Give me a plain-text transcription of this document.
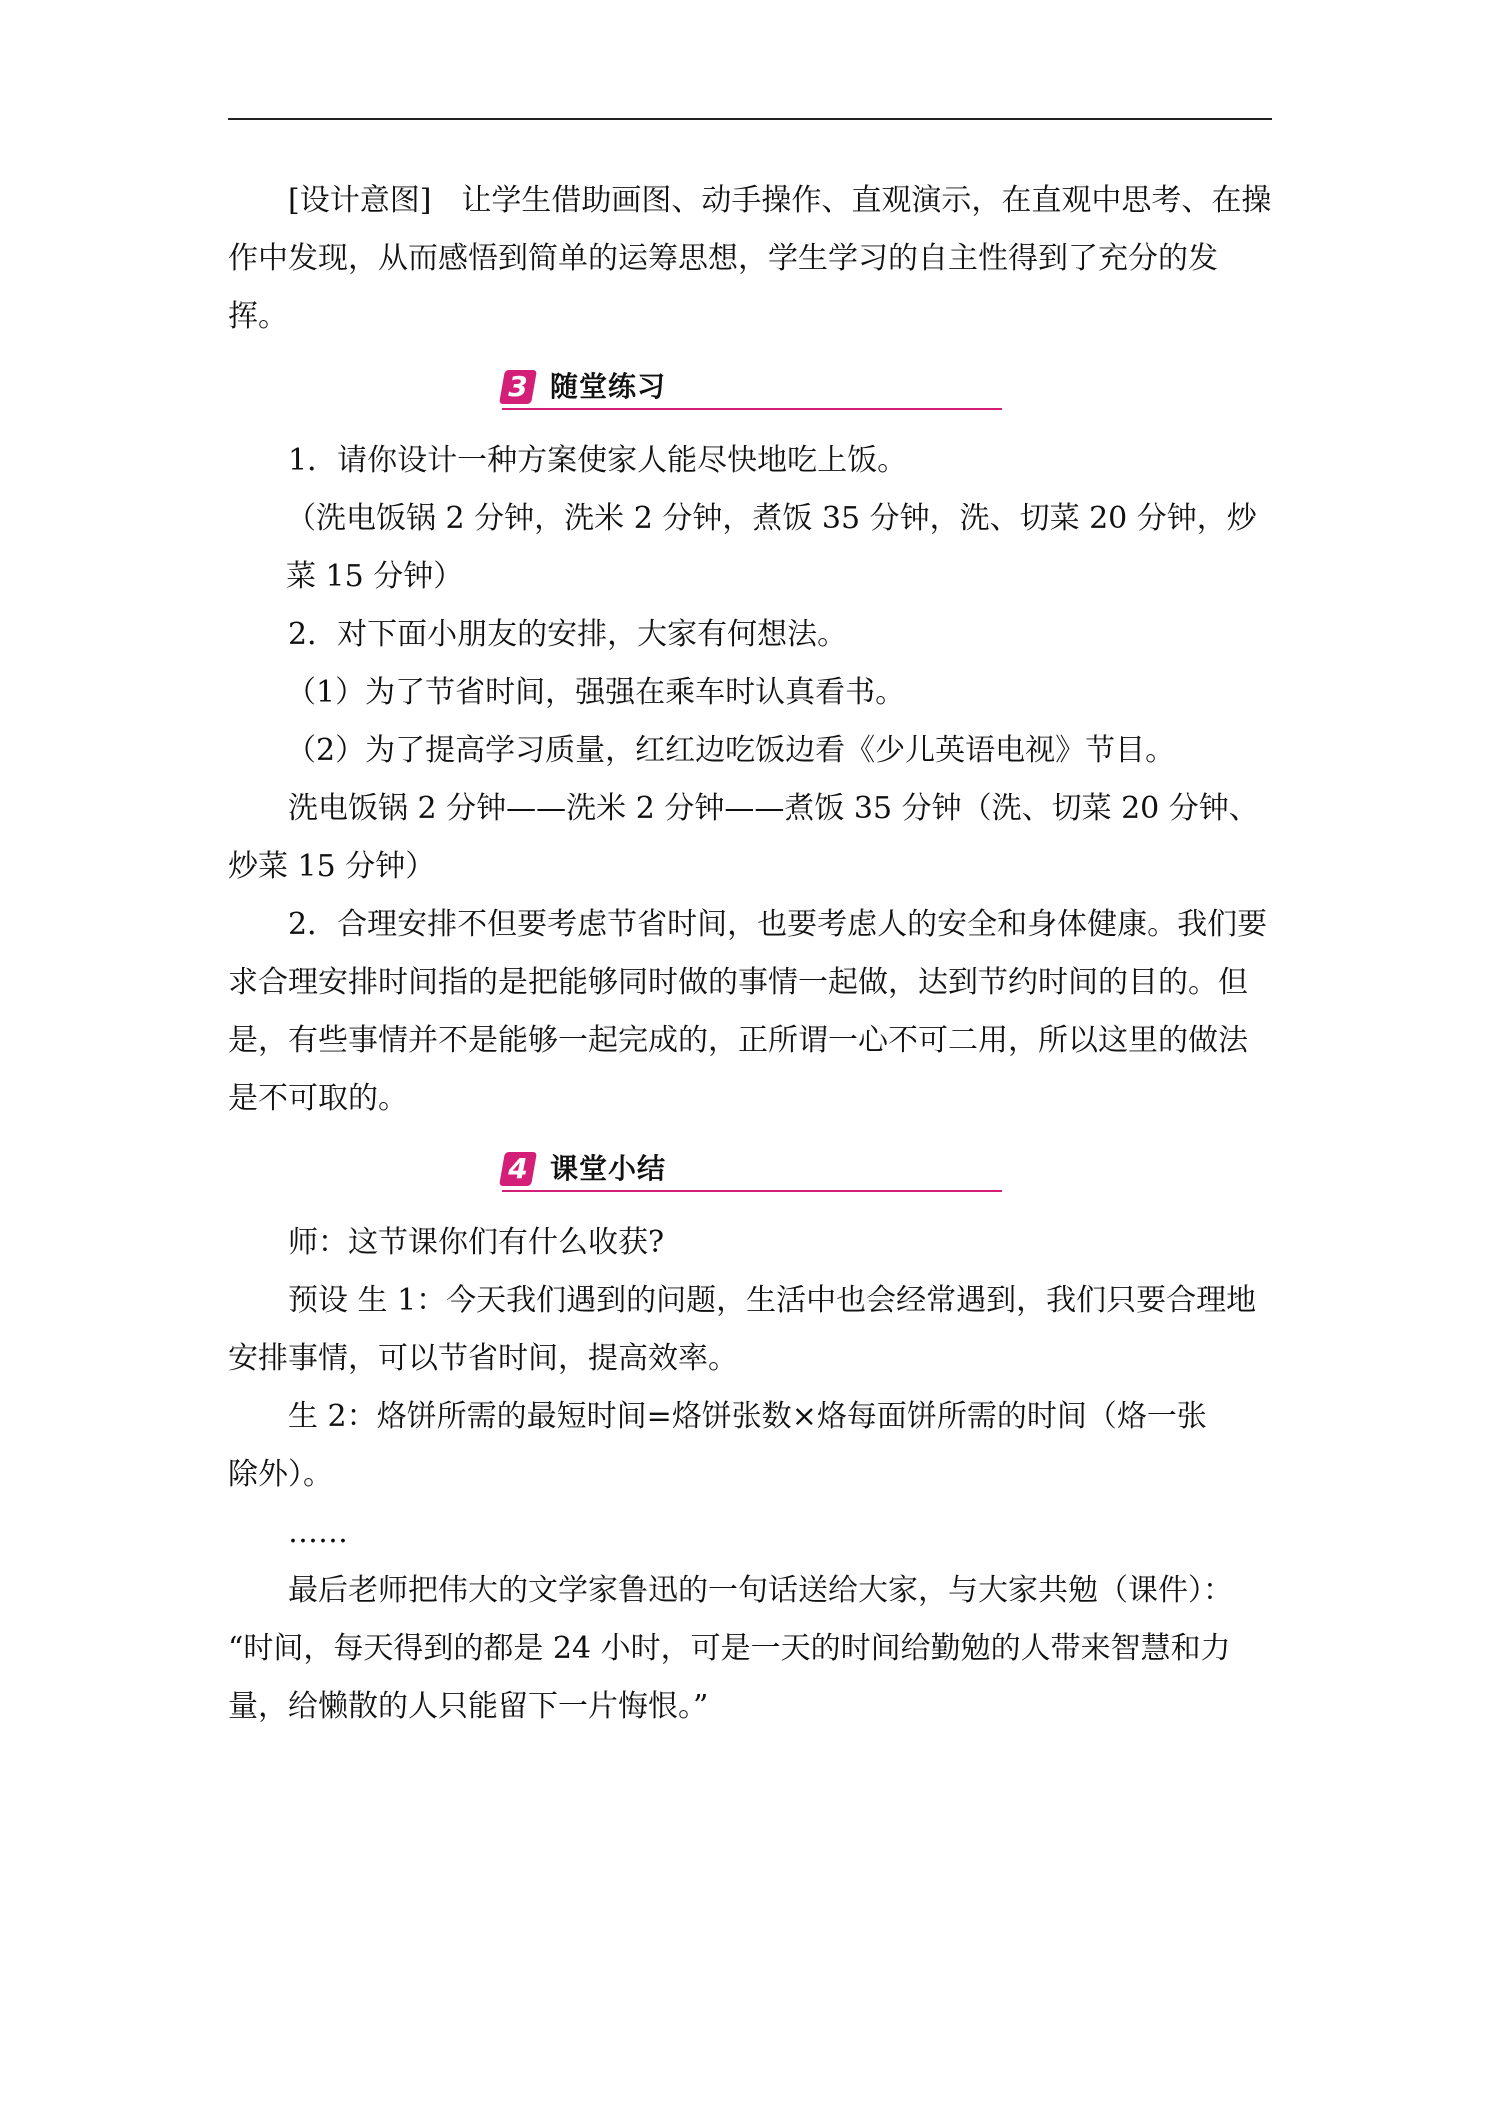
[设计意图] 让学生借助画图、动手操作、直观演示，在直观中思考、在操作中发现，从而感悟到简单的运筹思想，学生学习的自主性得到了充分的发挥。

3 随堂练习

1．请你设计一种方案使家人能尽快地吃上饭。

（洗电饭锅 2 分钟，洗米 2 分钟，煮饭 35 分钟，洗、切菜 20 分钟，炒菜 15 分钟）

2．对下面小朋友的安排，大家有何想法。

（1）为了节省时间，强强在乘车时认真看书。

（2）为了提高学习质量，红红边吃饭边看《少儿英语电视》节目。

洗电饭锅 2 分钟——洗米 2 分钟——煮饭 35 分钟（洗、切菜 20 分钟、炒菜 15 分钟）

2．合理安排不但要考虑节省时间，也要考虑人的安全和身体健康。我们要求合理安排时间指的是把能够同时做的事情一起做，达到节约时间的目的。但是，有些事情并不是能够一起完成的，正所谓一心不可二用，所以这里的做法是不可取的。

4 课堂小结

师：这节课你们有什么收获?

预设 生 1：今天我们遇到的问题，生活中也会经常遇到，我们只要合理地安排事情，可以节省时间，提高效率。

生 2：烙饼所需的最短时间=烙饼张数×烙每面饼所需的时间（烙一张除外）。

……

最后老师把伟大的文学家鲁迅的一句话送给大家，与大家共勉（课件）：

“时间，每天得到的都是 24 小时，可是一天的时间给勤勉的人带来智慧和力量，给懒散的人只能留下一片悔恨。”
